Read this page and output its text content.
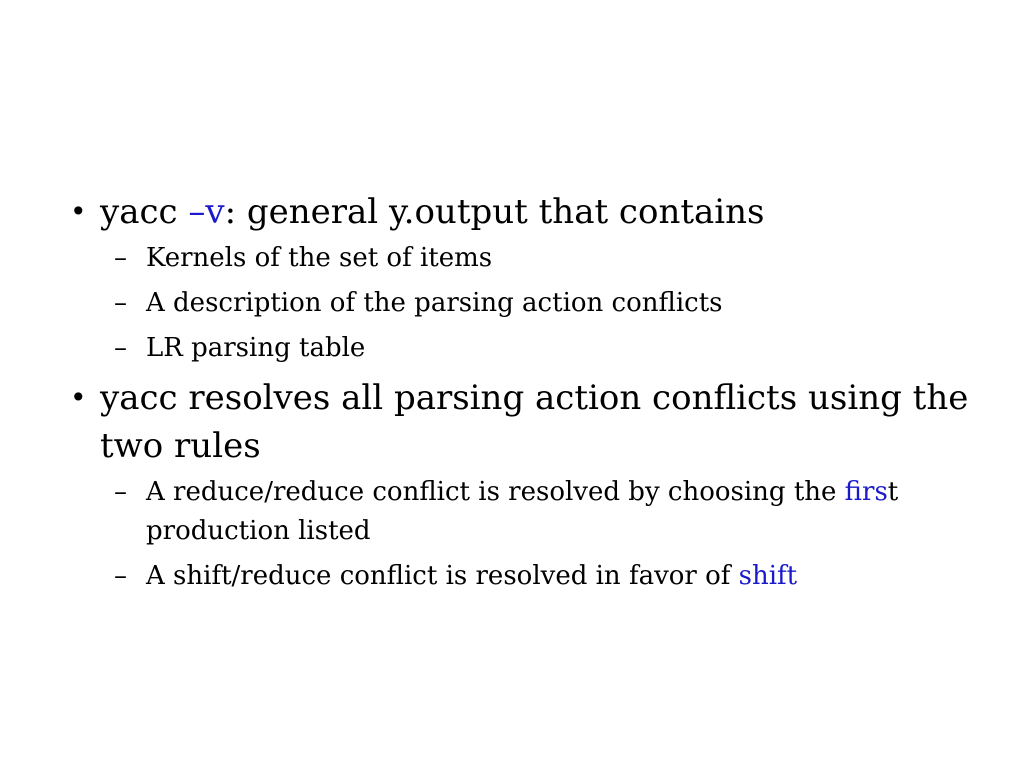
• yacc –v: general y.output that contains
– Kernels of the set of items
– A description of the parsing action conflicts
– LR parsing table
• yacc resolves all parsing action conflicts using the two rules
– A reduce/reduce conflict is resolved by choosing the first production listed
– A shift/reduce conflict is resolved in favor of shift
